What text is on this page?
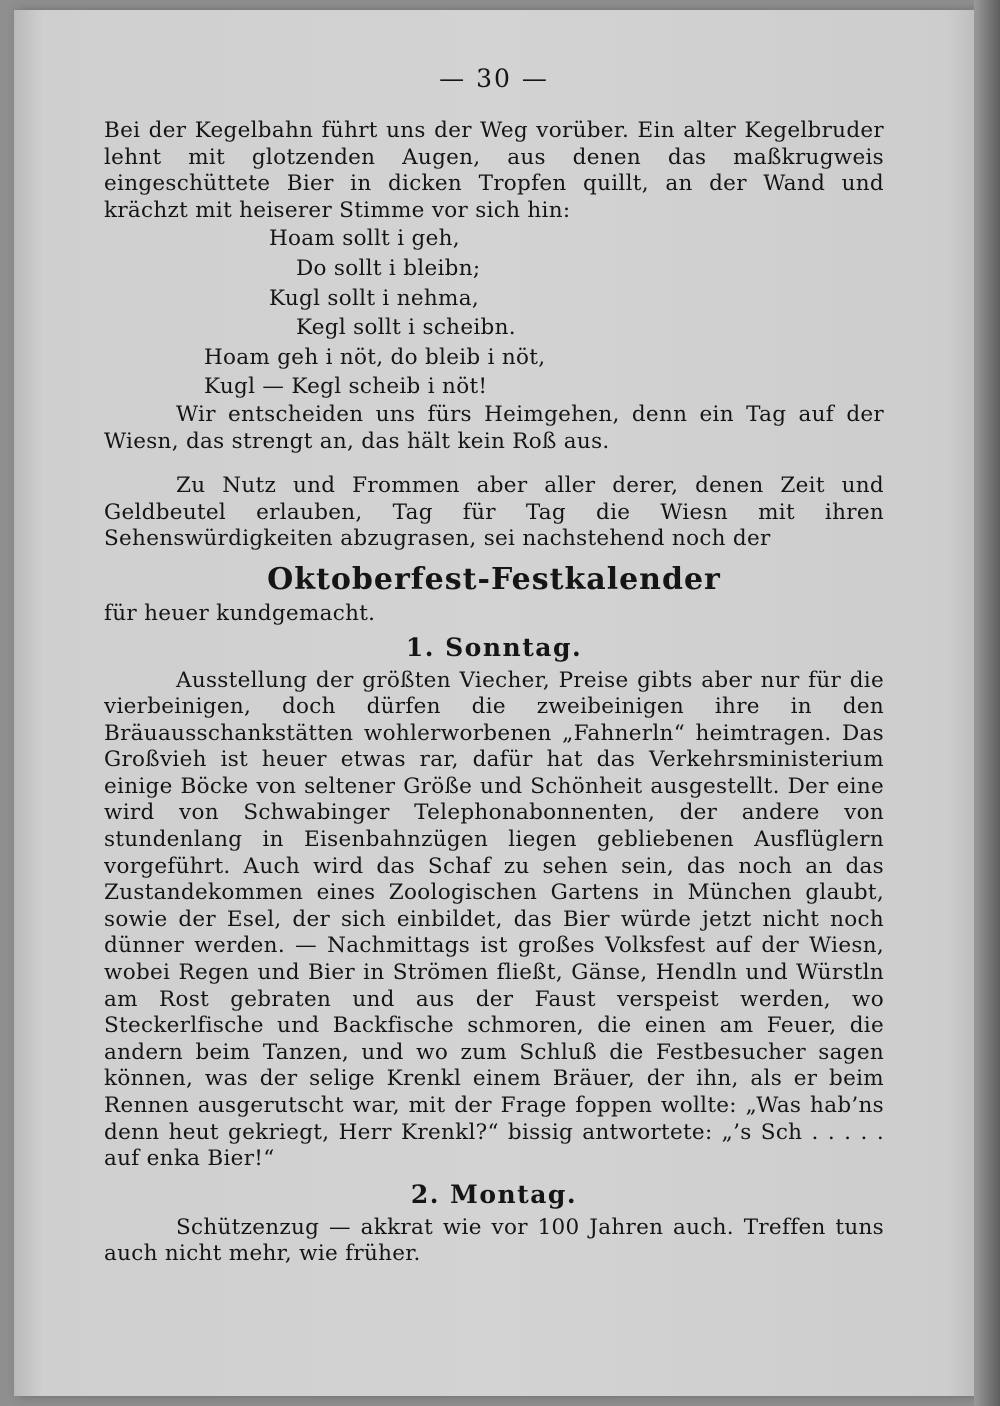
— 30 —

Bei der Kegelbahn führt uns der Weg vorüber. Ein alter Kegelbruder lehnt mit glotzenden Augen, aus denen das maßkrugweis eingeschüttete Bier in dicken Tropfen quillt, an der Wand und krächzt mit heiserer Stimme vor sich hin:

Hoam sollt i geh,
Do sollt i bleibn;
Kugl sollt i nehma,
Kegl sollt i scheibn.
Hoam geh i nöt, do bleib i nöt,
Kugl — Kegl scheib i nöt!

Wir entscheiden uns fürs Heimgehen, denn ein Tag auf der Wiesn, das strengt an, das hält kein Roß aus.

Zu Nutz und Frommen aber aller derer, denen Zeit und Geldbeutel erlauben, Tag für Tag die Wiesn mit ihren Sehenswürdigkeiten abzugrasen, sei nachstehend noch der

Oktoberfest-Festkalender

für heuer kundgemacht.

1. Sonntag.

Ausstellung der größten Viecher, Preise gibts aber nur für die vierbeinigen, doch dürfen die zweibeinigen ihre in den Bräuausschankstätten wohlerworbenen „Fahnerln“ heimtragen. Das Großvieh ist heuer etwas rar, dafür hat das Verkehrsministerium einige Böcke von seltener Größe und Schönheit ausgestellt. Der eine wird von Schwabinger Telephonabonnenten, der andere von stundenlang in Eisenbahnzügen liegen gebliebenen Ausflüglern vorgeführt. Auch wird das Schaf zu sehen sein, das noch an das Zustandekommen eines Zoologischen Gartens in München glaubt, sowie der Esel, der sich einbildet, das Bier würde jetzt nicht noch dünner werden. — Nachmittags ist großes Volksfest auf der Wiesn, wobei Regen und Bier in Strömen fließt, Gänse, Hendln und Würstln am Rost gebraten und aus der Faust verspeist werden, wo Steckerlfische und Backfische schmoren, die einen am Feuer, die andern beim Tanzen, und wo zum Schluß die Festbesucher sagen können, was der selige Krenkl einem Bräuer, der ihn, als er beim Rennen ausgerutscht war, mit der Frage foppen wollte: „Was hab’ns denn heut gekriegt, Herr Krenkl?“ bissig antwortete: „’s Sch . . . . . auf enka Bier!“

2. Montag.

Schützenzug — akkrat wie vor 100 Jahren auch. Treffen tuns auch nicht mehr, wie früher.
